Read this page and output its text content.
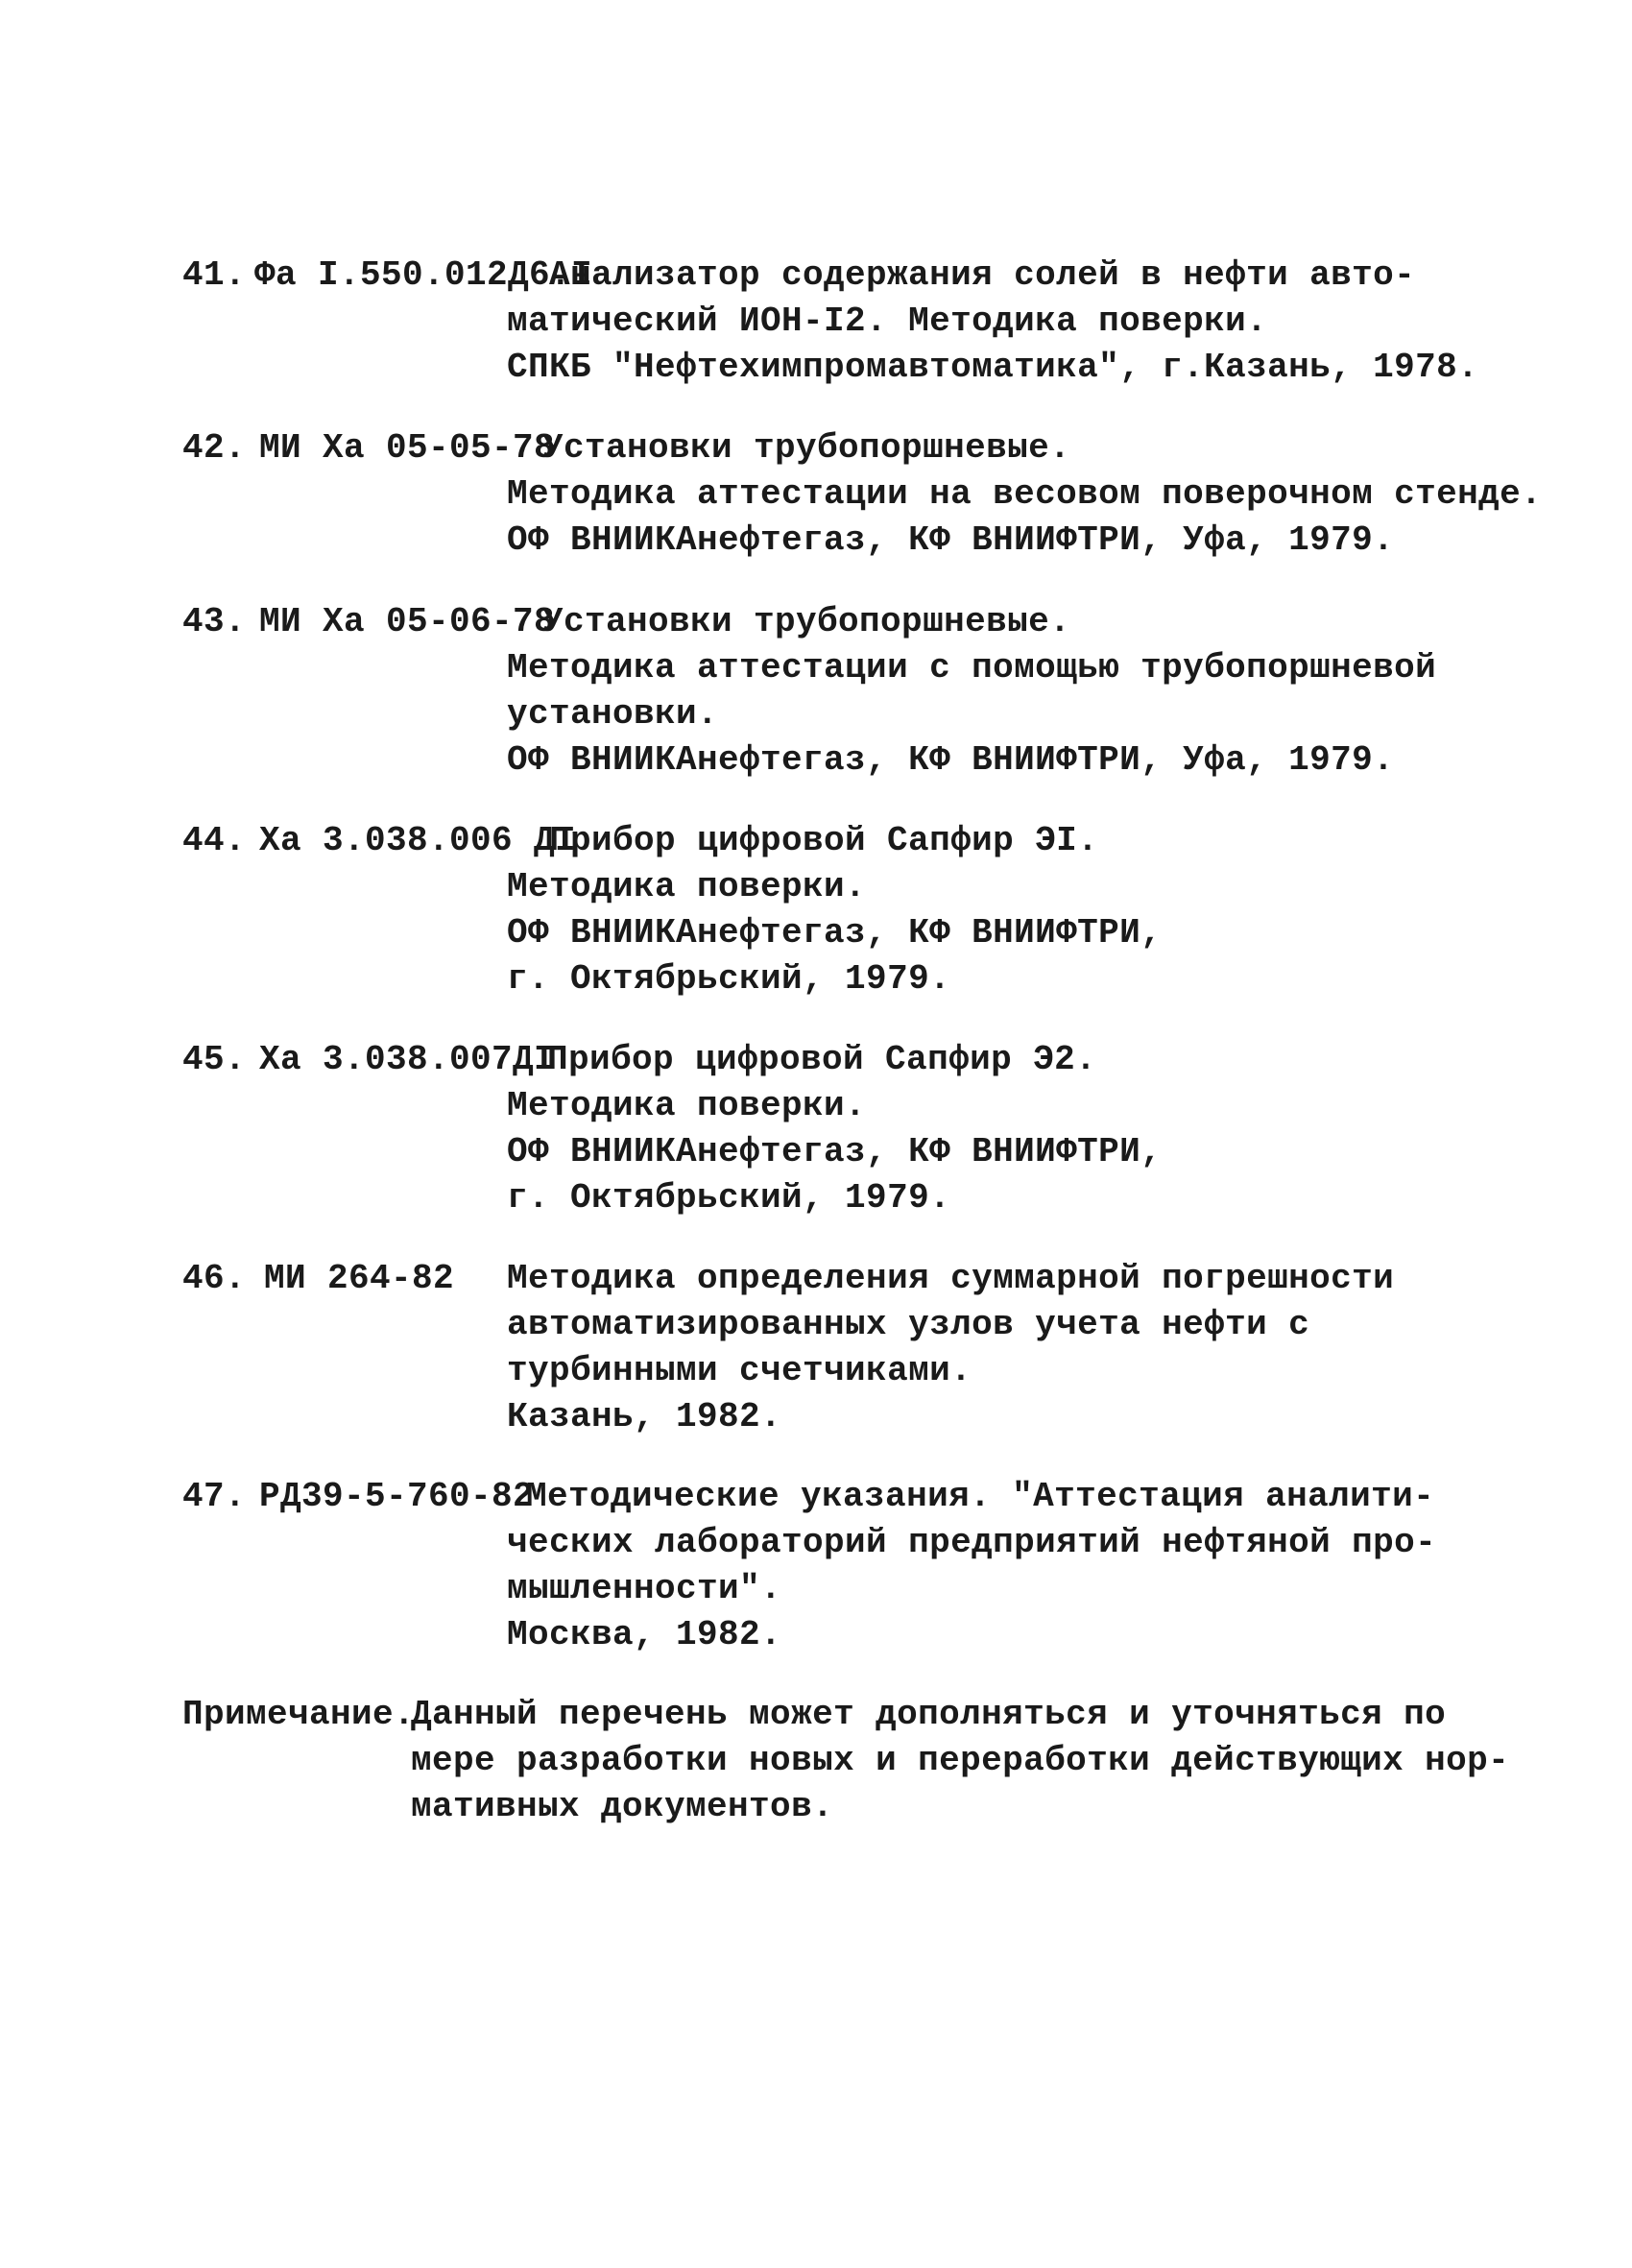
41. Фа I.550.012Д6.I
Анализатор содержания солей в нефти авто-
матический ИОН-I2. Методика поверки.
СПКБ "Нефтехимпромавтоматика", г.Казань, 1978.
42. МИ Ха 05-05-78
Установки трубопоршневые.
Методика аттестации на весовом поверочном стенде.
ОФ ВНИИКАнефтегаз, КФ ВНИИФТРИ, Уфа, 1979.
43. МИ Ха 05-06-78
Установки трубопоршневые.
Методика аттестации с помощью трубопоршневой
установки.
ОФ ВНИИКАнефтегаз, КФ ВНИИФТРИ, Уфа, 1979.
44. Ха 3.038.006 ДI
Прибор цифровой Сапфир ЭI.
Методика поверки.
ОФ ВНИИКАнефтегаз, КФ ВНИИФТРИ,
г. Октябрьский, 1979.
45. Ха 3.038.007ДI
Прибор цифровой Сапфир Э2.
Методика поверки.
ОФ ВНИИКАнефтегаз, КФ ВНИИФТРИ,
г. Октябрьский, 1979.
46. МИ 264-82 Методика определения суммарной погрешности
автоматизированных узлов учета нефти с
турбинными счетчиками.
Казань, 1982.
47. РД39-5-760-82
Методические указания. "Аттестация аналити-
ческих лабораторий предприятий нефтяной про-
мышленности".
Москва, 1982.
Примечание.
Данный перечень может дополняться и уточняться по
мере разработки новых и переработки действующих нор-
мативных документов.
